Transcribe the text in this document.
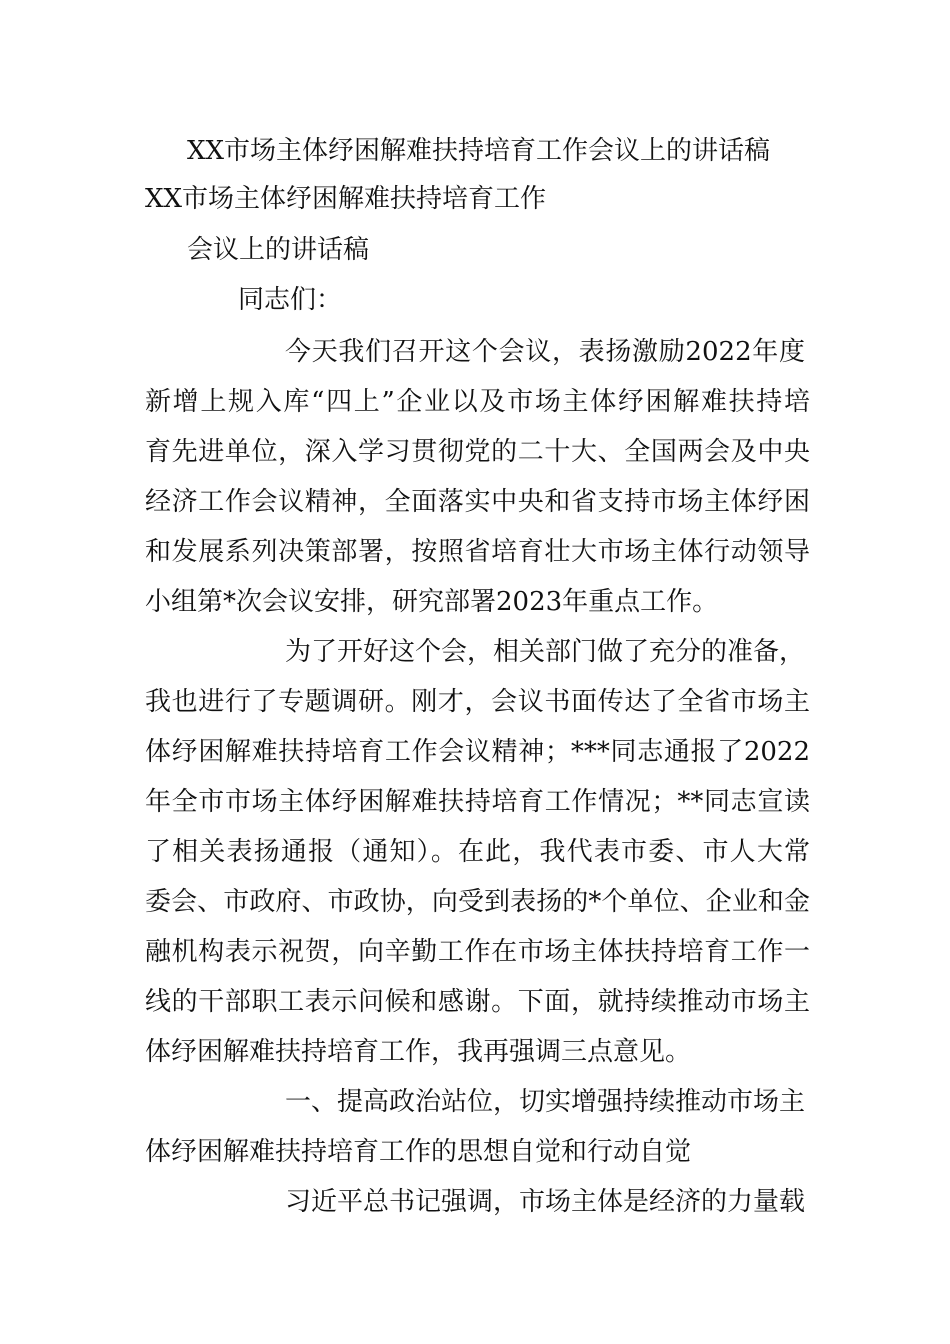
XX市场主体纾困解难扶持培育工作会议上的讲话稿
XX市场主体纾困解难扶持培育工作
会议上的讲话稿
同志们：
今天我们召开这个会议，表扬激励2022年度
新增上规入库“四上”企业以及市场主体纾困解难扶持培
育先进单位，深入学习贯彻党的二十大、全国两会及中央
经济工作会议精神，全面落实中央和省支持市场主体纾困
和发展系列决策部署，按照省培育壮大市场主体行动领导
小组第*次会议安排，研究部署2023年重点工作。
为了开好这个会，相关部门做了充分的准备，
我也进行了专题调研。刚才，会议书面传达了全省市场主
体纾困解难扶持培育工作会议精神；***同志通报了2022
年全市市场主体纾困解难扶持培育工作情况；**同志宣读
了相关表扬通报（通知）。在此，我代表市委、市人大常
委会、市政府、市政协，向受到表扬的*个单位、企业和金
融机构表示祝贺，向辛勤工作在市场主体扶持培育工作一
线的干部职工表示问候和感谢。下面，就持续推动市场主
体纾困解难扶持培育工作，我再强调三点意见。
一、提高政治站位，切实增强持续推动市场主
体纾困解难扶持培育工作的思想自觉和行动自觉
习近平总书记强调，市场主体是经济的力量载
